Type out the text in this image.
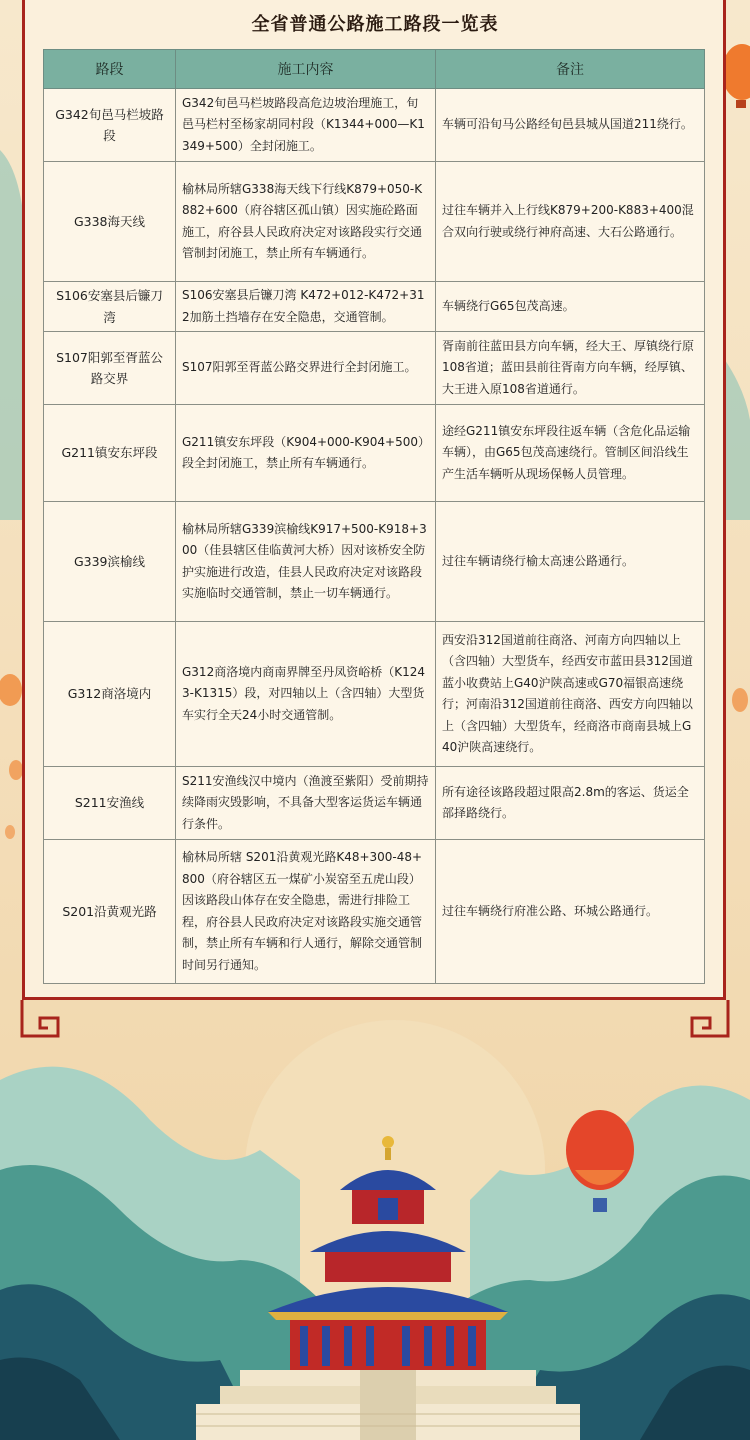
全省普通公路施工路段一览表
路段	施工内容	备注
G342旬邑马栏坡路段	G342旬邑马栏坡路段高危边坡治理施工，旬邑马栏村至杨家胡同村段（K1344+000—K1349+500）全封闭施工。	车辆可沿旬马公路经旬邑县城从国道211绕行。
G338海天线	榆林局所辖G338海天线下行线K879+050-K882+600（府谷辖区孤山镇）因实施砼路面施工，府谷县人民政府决定对该路段实行交通管制封闭施工，禁止所有车辆通行。	过往车辆并入上行线K879+200-K883+400混合双向行驶或绕行神府高速、大石公路通行。
S106安塞县后镰刀湾	S106安塞县后镰刀湾 K472+012-K472+312加筋土挡墙存在安全隐患，交通管制。	车辆绕行G65包茂高速。
S107阳郭至胥蓝公路交界	S107阳郭至胥蓝公路交界进行全封闭施工。	胥南前往蓝田县方向车辆，经大王、厚镇绕行原108省道；蓝田县前往胥南方向车辆，经厚镇、大王进入原108省道通行。
G211镇安东坪段	G211镇安东坪段（K904+000-K904+500）段全封闭施工，禁止所有车辆通行。	途经G211镇安东坪段往返车辆（含危化品运输车辆），由G65包茂高速绕行。管制区间沿线生产生活车辆听从现场保畅人员管理。
G339滨榆线	榆林局所辖G339滨榆线K917+500-K918+300（佳县辖区佳临黄河大桥）因对该桥安全防护实施进行改造，佳县人民政府决定对该路段实施临时交通管制，禁止一切车辆通行。	过往车辆请绕行榆太高速公路通行。
G312商洛境内	G312商洛境内商南界牌至丹凤资峪桥（K1243-K1315）段，对四轴以上（含四轴）大型货车实行全天24小时交通管制。	西安沿312国道前往商洛、河南方向四轴以上（含四轴）大型货车，经西安市蓝田县312国道蓝小收费站上G40沪陕高速或G70福银高速绕行；河南沿312国道前往商洛、西安方向四轴以上（含四轴）大型货车，经商洛市商南县城上G40沪陕高速绕行。
S211安渔线	S211安渔线汉中境内（渔渡至紫阳）受前期持续降雨灾毁影响，不具备大型客运货运车辆通行条件。	所有途径该路段超过限高2.8m的客运、货运全部择路绕行。
S201沿黄观光路	榆林局所辖 S201沿黄观光路K48+300-48+800（府谷辖区五一煤矿小炭窑至五虎山段）因该路段山体存在安全隐患，需进行排险工程，府谷县人民政府决定对该路段实施交通管制，禁止所有车辆和行人通行，解除交通管制时间另行通知。	过往车辆绕行府准公路、环城公路通行。
